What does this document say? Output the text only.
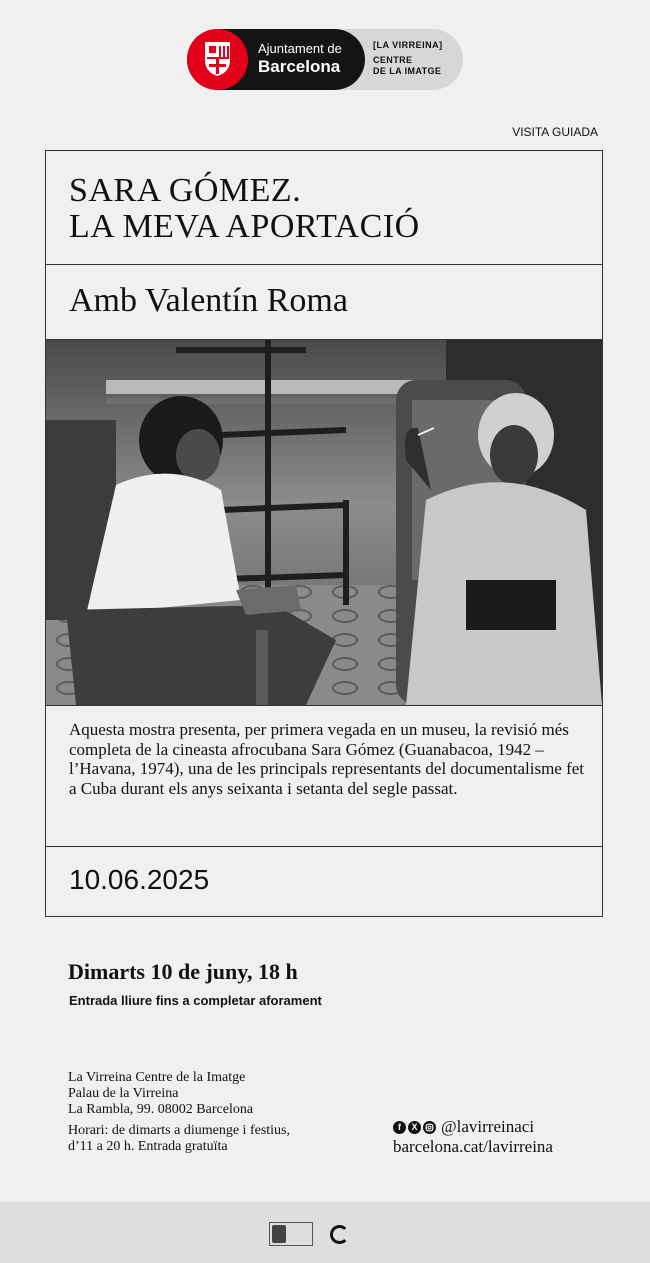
Ajuntament de
Barcelona
[LA VIRREINA]
CENTRE
DE LA IMATGE
VISITA GUIADA
SARA GÓMEZ.
LA MEVA APORTACIÓ
Amb Valentín Roma

Aquesta mostra presenta, per primera vegada en un museu, la revisió més completa de la cineasta afrocubana Sara Gómez (Guanabacoa, 1942 – l’Havana, 1974), una de les principals representants del documentalisme fet a Cuba durant els anys seixanta i setanta del segle passat.

10.06.2025

Dimarts 10 de juny, 18 h

Entrada lliure fins a completar aforament

La Virreina Centre de la Imatge
Palau de la Virreina
La Rambla, 99. 08002 Barcelona
Horari: de dimarts a diumenge i festius,
d’11 a 20 h. Entrada gratuïta
f	X @lavirreinaci
barcelona.cat/lavirreina
